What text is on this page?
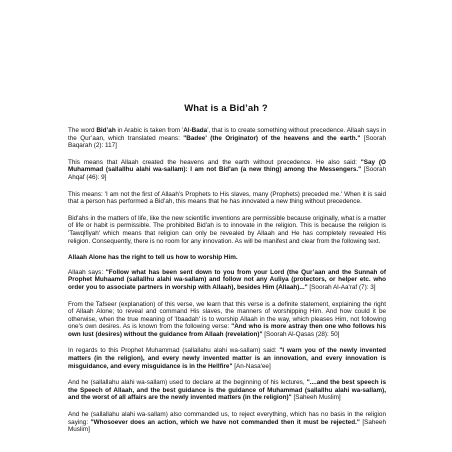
What is a Bid’ah ?

The word Bid’ah in Arabic is taken from 'Al-Bada', that is to create something without precedence. Allaah says in the Qur’aan, which translated means: "Badee' (the Originator) of the heavens and the earth." [Soorah Baqarah (2): 117]

This means that Allaah created the heavens and the earth without precedence. He also said: "Say (O Muhammad (sallallhu alahi wa-sallam): I am not Bid'an (a new thing) among the Messengers." [Soorah Ahqaf (46): 9]

This means: 'I am not the first of Allaah’s Prophets to His slaves, many (Prophets) preceded me.' When it is said that a person has performed a Bid’ah, this means that he has innovated a new thing without precedence.

Bid'ahs in the matters of life, like the new scientific inventions are permissible because originally, what is a matter of life or habit is permissible. The prohibited Bid'ah is to innovate in the religion. This is because the religion is 'Tawqifiyah' which means that religion can only be revealed by Allaah and He has completely revealed His religion. Consequently, there is no room for any innovation. As will be manifest and clear from the following text.

Allaah Alone has the right to tell us how to worship Him.

Allaah says: "Follow what has been sent down to you from your Lord (the Qur’aan and the Sunnah of Prophet Muhaamd (sallallhu alahi wa-sallam) and follow not any Auliya (protectors, or helper etc. who order you to associate partners in worship with Allaah), besides Him (Allaah)..." [Soorah Al-Aa'raf (7): 3]

From the Tafseer (explanation) of this verse, we learn that this verse is a definite statement, explaining the right of Allaah Alone; to reveal and command His slaves, the manners of worshipping Him. And how could it be otherwise, when the true meaning of 'Ibaadah' is to worship Allaah in the way, which pleases Him, not following one's own desires. As is known from the following verse: "And who is more astray then one who follows his own lust (desires) without the guidance from Allaah (revelation)" [Soorah Al-Qasas (28): 50]

In regards to this Prophet Muhammad (sallallahu alahi wa-sallam) said: "I warn you of the newly invented matters (in the religion), and every newly invented matter is an innovation, and every innovation is misguidance, and every misguidance is in the Hellfire" [An-Nasa'ee]

And he (sallallahu alahi wa-sallam) used to declare at the beginning of his lectures, "....and the best speech is the Speech of Allaah, and the best guidance is the guidance of Muhammad (sallallhu alahi wa-sallam), and the worst of all affairs are the newly invented matters (in the religion)" [Saheeh Muslim]

And he (sallallahu alahi wa-sallam) also commanded us, to reject everything, which has no basis in the religion saying: "Whosoever does an action, which we have not commanded then it must be rejected." [Saheeh Muslim]
